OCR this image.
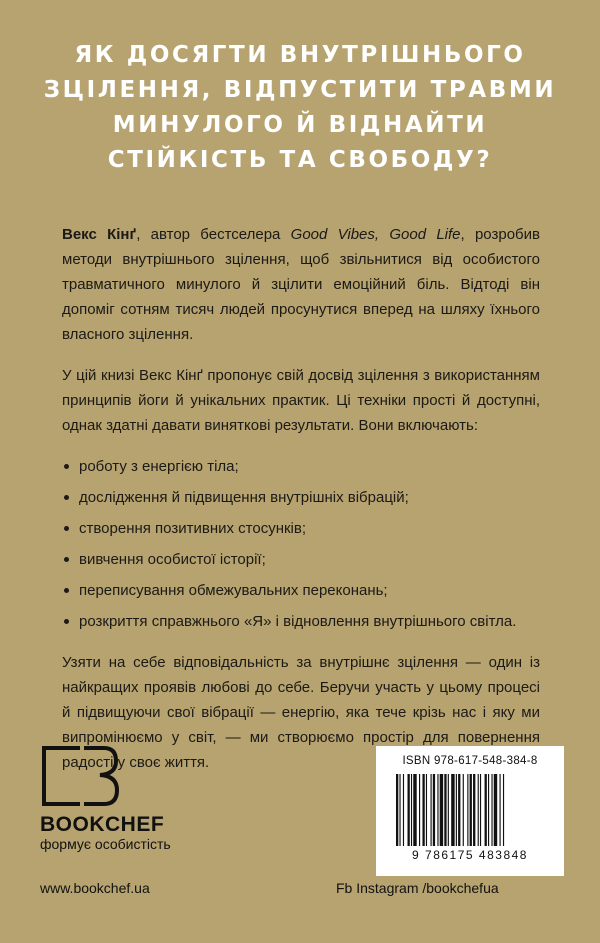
ЯК ДОСЯГТИ ВНУТРІШНЬОГО
ЗЦІЛЕННЯ, ВІДПУСТИТИ ТРАВМИ
МИНУЛОГО Й ВІДНАЙТИ
СТІЙКІСТЬ ТА СВОБОДУ?

Векс Кінґ, автор бестселера Good Vibes, Good Life, розробив методи внутрішнього зцілення, щоб звільнитися від особистого травматичного минулого й зцілити емоційний біль. Відтоді він допоміг сотням тисяч людей просунутися вперед на шляху їхнього власного зцілення.

У цій книзі Векс Кінґ пропонує свій досвід зцілення з використанням принципів йоги й унікальних практик. Ці техніки прості й доступні, однак здатні давати виняткові результати. Вони включають:

роботу з енергією тіла;
дослідження й підвищення внутрішніх вібрацій;
створення позитивних стосунків;
вивчення особистої історії;
переписування обмежувальних переконань;
розкриття справжнього «Я» і відновлення внутрішнього світла.

Узяти на себе відповідальність за внутрішнє зцілення — один із найкращих проявів любові до себе. Беручи участь у цьому процесі й підвищуючи свої вібрації — енергію, яка тече крізь нас і яку ми випромінюємо у світ, — ми створюємо простір для повернення радості у своє життя.

BOOKCHEF
формує особистість
ISBN 978-617-548-384-8
9 786175 483848
www.bookchef.ua	Fb Instagram /bookchefua
